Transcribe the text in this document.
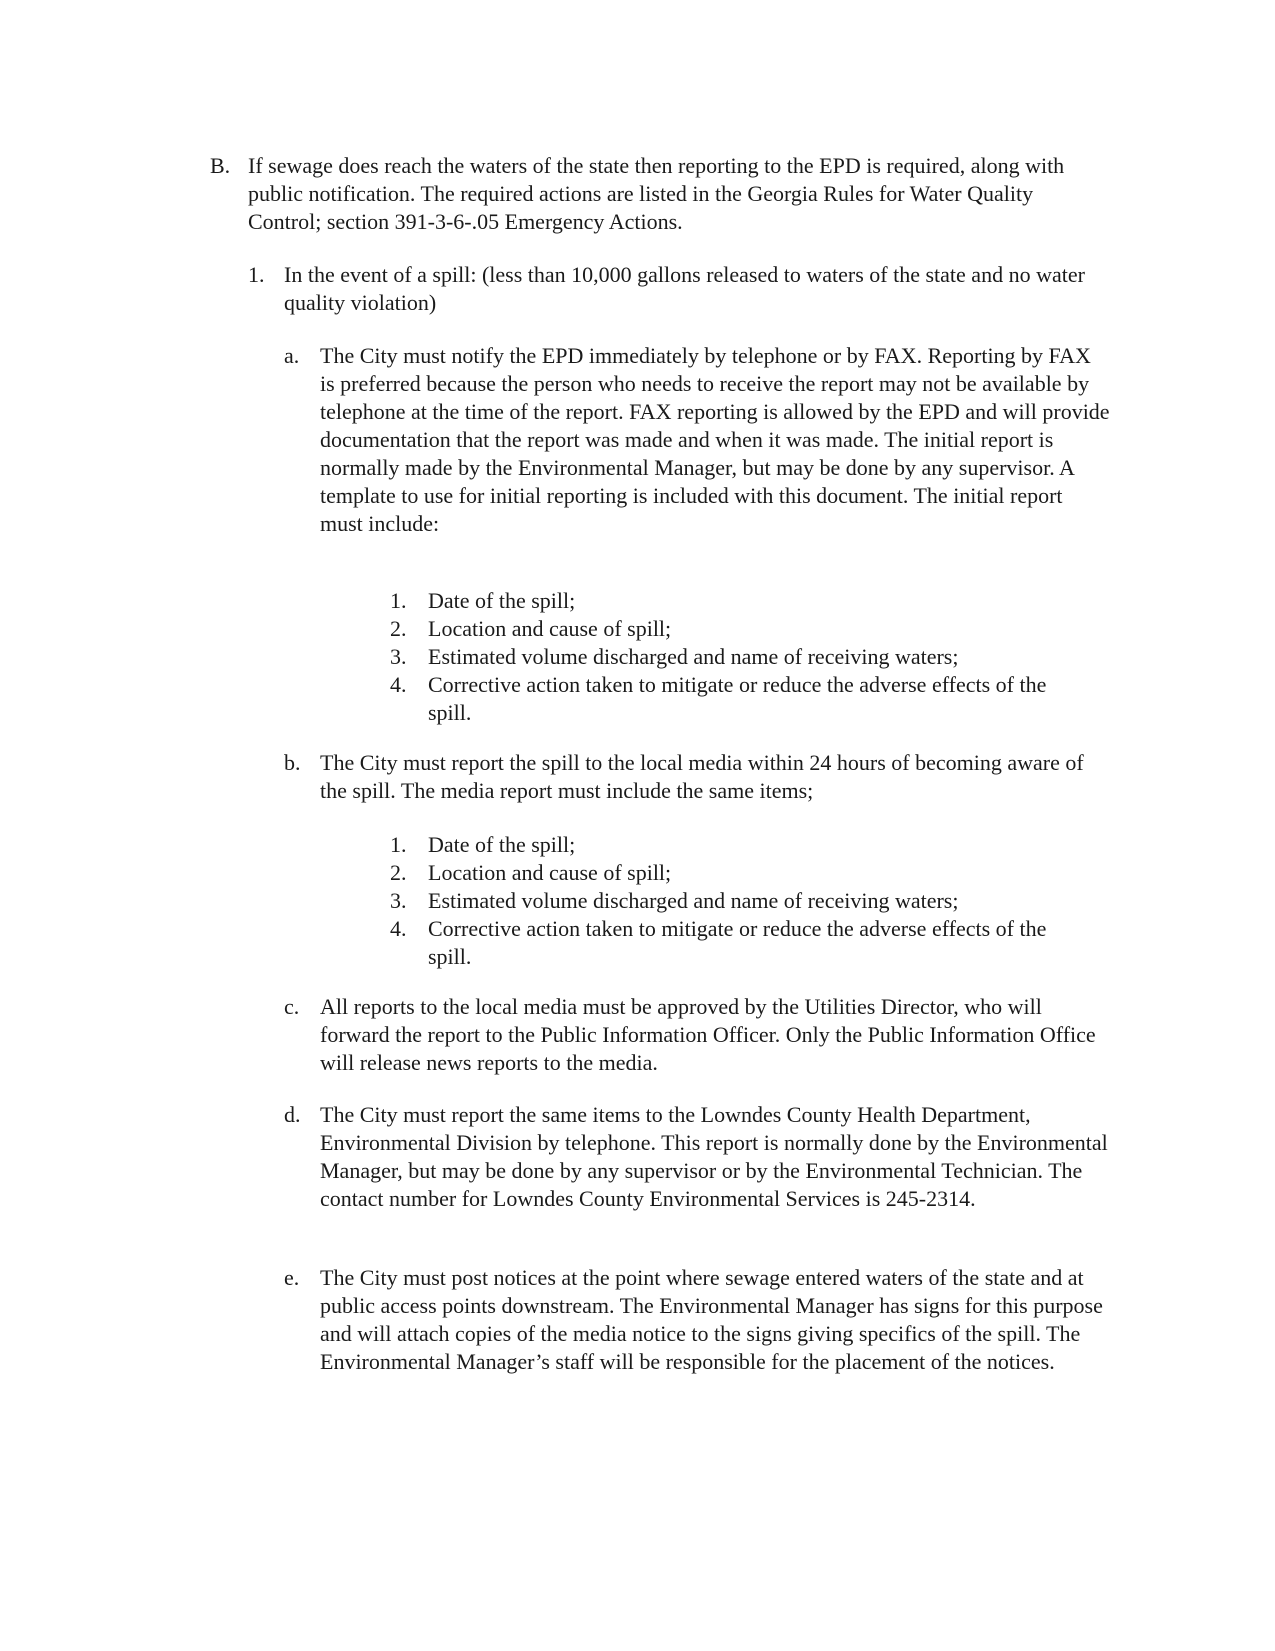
B. If sewage does reach the waters of the state then reporting to the EPD is required, along with public notification. The required actions are listed in the Georgia Rules for Water Quality Control; section 391-3-6-.05 Emergency Actions.
1. In the event of a spill: (less than 10,000 gallons released to waters of the state and no water quality violation)
a. The City must notify the EPD immediately by telephone or by FAX. Reporting by FAX is preferred because the person who needs to receive the report may not be available by telephone at the time of the report. FAX reporting is allowed by the EPD and will provide documentation that the report was made and when it was made. The initial report is normally made by the Environmental Manager, but may be done by any supervisor. A template to use for initial reporting is included with this document. The initial report must include:
1. Date of the spill;
2. Location and cause of spill;
3. Estimated volume discharged and name of receiving waters;
4. Corrective action taken to mitigate or reduce the adverse effects of the spill.
b. The City must report the spill to the local media within 24 hours of becoming aware of the spill. The media report must include the same items;
1. Date of the spill;
2. Location and cause of spill;
3. Estimated volume discharged and name of receiving waters;
4. Corrective action taken to mitigate or reduce the adverse effects of the spill.
c. All reports to the local media must be approved by the Utilities Director, who will forward the report to the Public Information Officer. Only the Public Information Office will release news reports to the media.
d. The City must report the same items to the Lowndes County Health Department, Environmental Division by telephone. This report is normally done by the Environmental Manager, but may be done by any supervisor or by the Environmental Technician. The contact number for Lowndes County Environmental Services is 245-2314.
e. The City must post notices at the point where sewage entered waters of the state and at public access points downstream. The Environmental Manager has signs for this purpose and will attach copies of the media notice to the signs giving specifics of the spill. The Environmental Manager’s staff will be responsible for the placement of the notices.
